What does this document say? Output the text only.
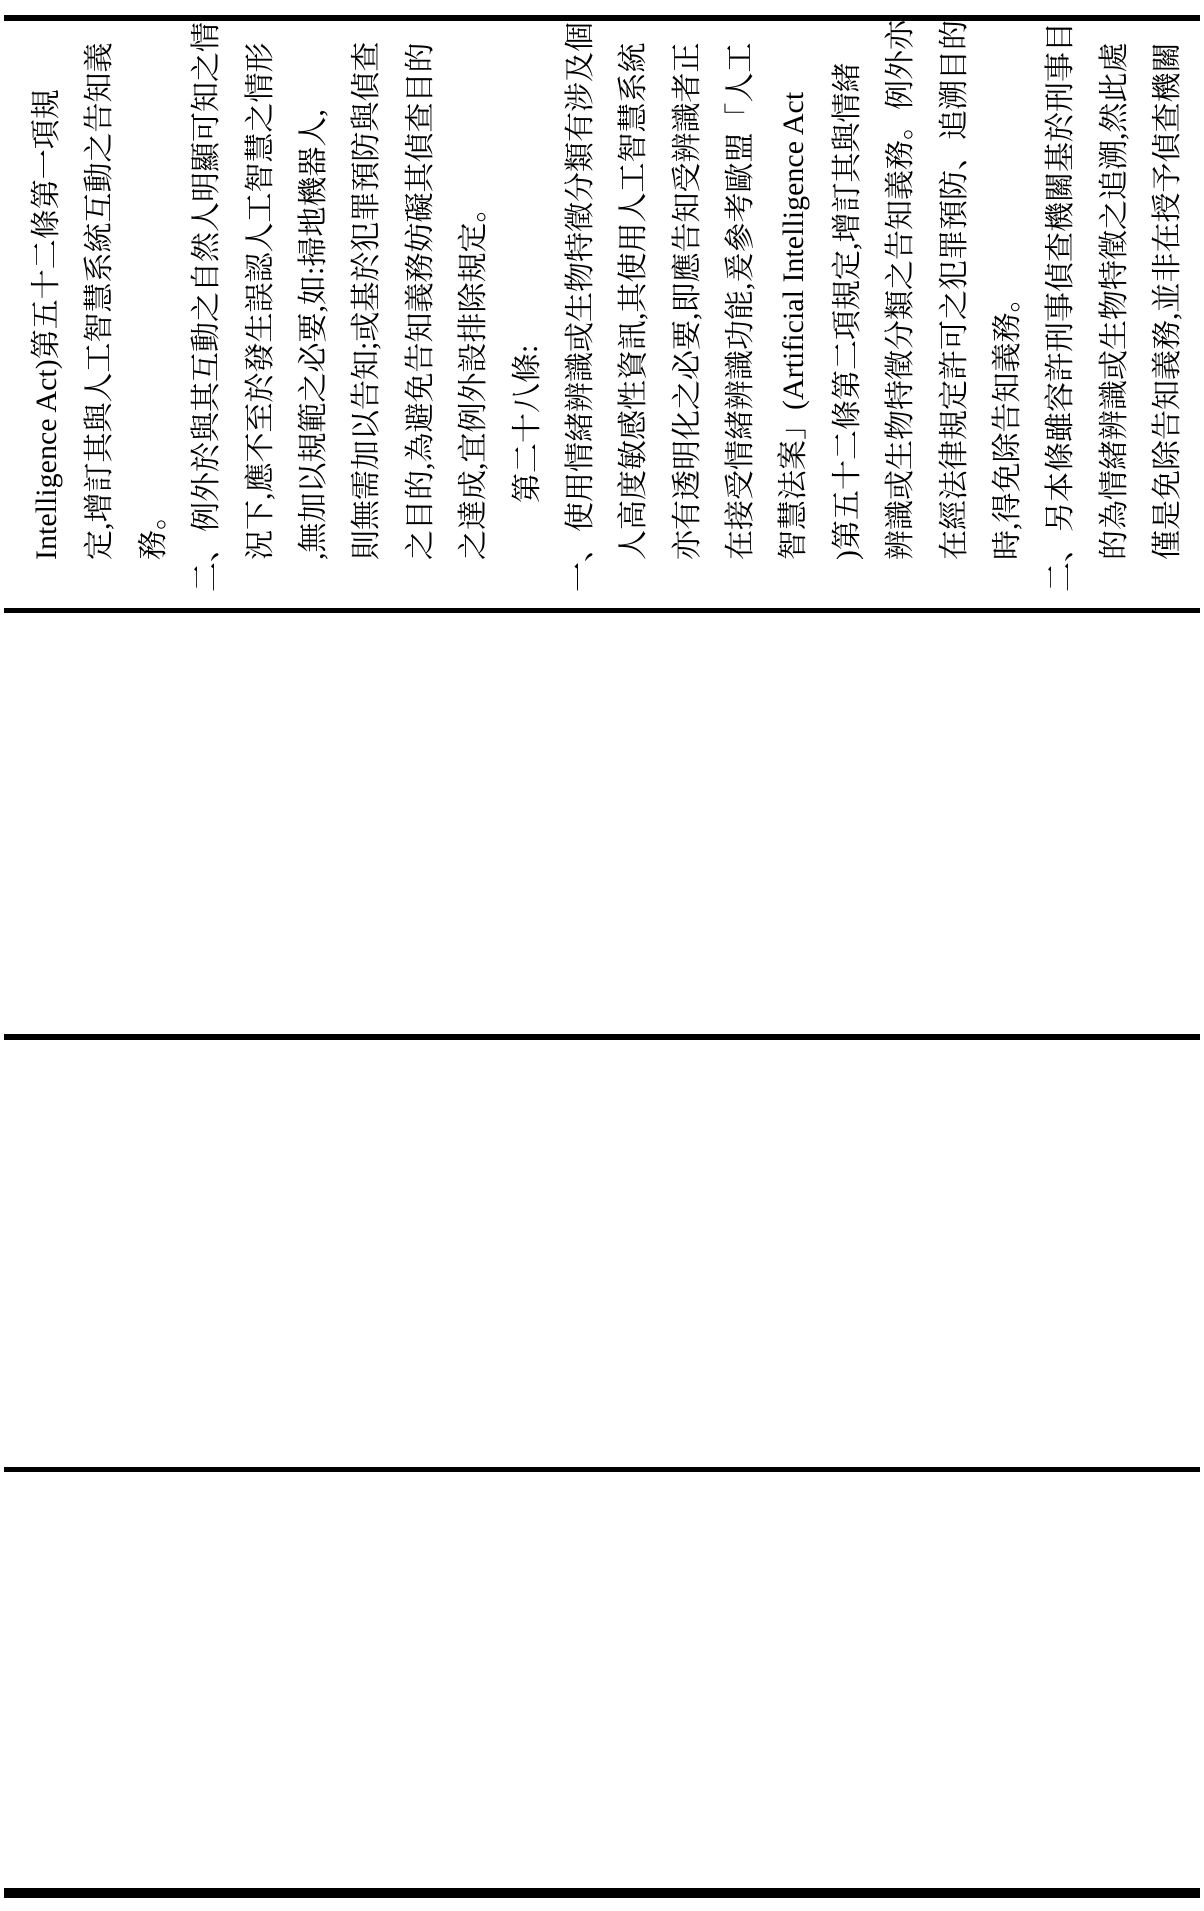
Intelligence Act)第五十二條第一項規 定,增訂其與人工智慧系統互動之告知義 務。 二、例外於與其互動之自然人明顯可知之情 況下,應不至於發生誤認人工智慧之情形 ,無加以規範之必要,如:掃地機器人, 則無需加以告知;或基於犯罪預防與偵查 之目的,為避免告知義務妨礙其偵查目的 之達成,宜例外設排除規定。 第二十八條: 一、使用情緒辨識或生物特徵分類有涉及個 人高度敏感性資訊,其使用人工智慧系統 亦有透明化之必要,即應告知受辨識者正 在接受情緒辨識功能,爰參考歐盟「人工 智慧法案」(Artificial Intelligence Act )第五十二條第二項規定,增訂其與情緒 辨識或生物特徵分類之告知義務。例外亦 在經法律規定許可之犯罪預防、追溯目的 時,得免除告知義務。 二、另本條雖容許刑事偵查機關基於刑事目 的為情緒辨識或生物特徵之追溯,然此處 僅是免除告知義務,並非在授予偵查機關
